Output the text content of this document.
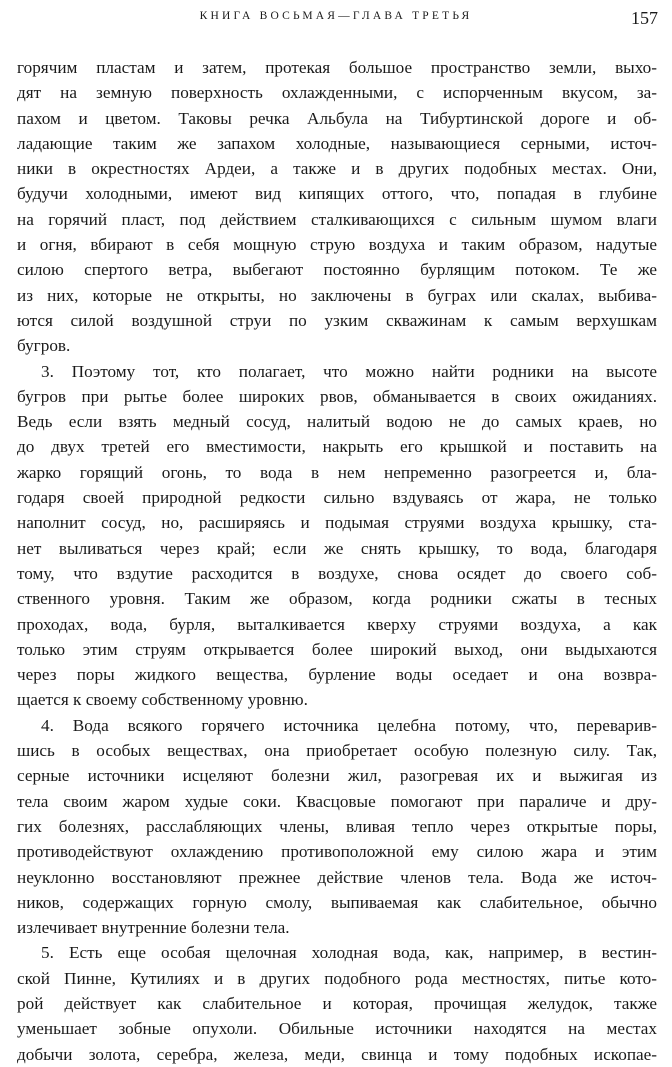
КНИГА ВОСЬМАЯ—ГЛАВА ТРЕТЬЯ	157
горячим пластам и затем, протекая большое пространство земли, выхо-
дят на земную поверхность охлажденными, с испорченным вкусом, за-
пахом и цветом. Таковы речка Альбула на Тибуртинской дороге и об-
ладающие таким же запахом холодные, называющиеся серными, источ-
ники в окрестностях Ардеи, а также и в других подобных местах. Они,
будучи холодными, имеют вид кипящих оттого, что, попадая в глубине
на горячий пласт, под действием сталкивающихся с сильным шумом влаги
и огня, вбирают в себя мощную струю воздуха и таким образом, надутые
силою спертого ветра, выбегают постоянно бурлящим потоком. Те же
из них, которые не открыты, но заключены в буграх или скалах, выбива-
ются силой воздушной струи по узким скважинам к самым верхушкам
бугров.
3. Поэтому тот, кто полагает, что можно найти родники на высоте
бугров при рытье более широких рвов, обманывается в своих ожиданиях.
Ведь если взять медный сосуд, налитый водою не до самых краев, но
до двух третей его вместимости, накрыть его крышкой и поставить на
жарко горящий огонь, то вода в нем непременно разогреется и, бла-
годаря своей природной редкости сильно вздуваясь от жара, не только
наполнит сосуд, но, расширяясь и подымая струями воздуха крышку, ста-
нет выливаться через край; если же снять крышку, то вода, благодаря
тому, что вздутие расходится в воздухе, снова осядет до своего соб-
ственного уровня. Таким же образом, когда родники сжаты в тесных
проходах, вода, бурля, выталкивается кверху струями воздуха, а как
только этим струям открывается более широкий выход, они выдыхаются
через поры жидкого вещества, бурление воды оседает и она возвра-
щается к своему собственному уровню.
4. Вода всякого горячего источника целебна потому, что, переварив-
шись в особых веществах, она приобретает особую полезную силу. Так,
серные источники исцеляют болезни жил, разогревая их и выжигая из
тела своим жаром худые соки. Квасцовые помогают при параличе и дру-
гих болезнях, расслабляющих члены, вливая тепло через открытые поры,
противодействуют охлаждению противоположной ему силою жара и этим
неуклонно восстановляют прежнее действие членов тела. Вода же источ-
ников, содержащих горную смолу, выпиваемая как слабительное, обычно
излечивает внутренние болезни тела.
5. Есть еще особая щелочная холодная вода, как, например, в вестин-
ской Пинне, Кутилиях и в других подобного рода местностях, питье кото-
рой действует как слабительное и которая, прочищая желудок, также
уменьшает зобные опухоли. Обильные источники находятся на местах
добычи золота, серебра, железа, меди, свинца и тому подобных ископае-
